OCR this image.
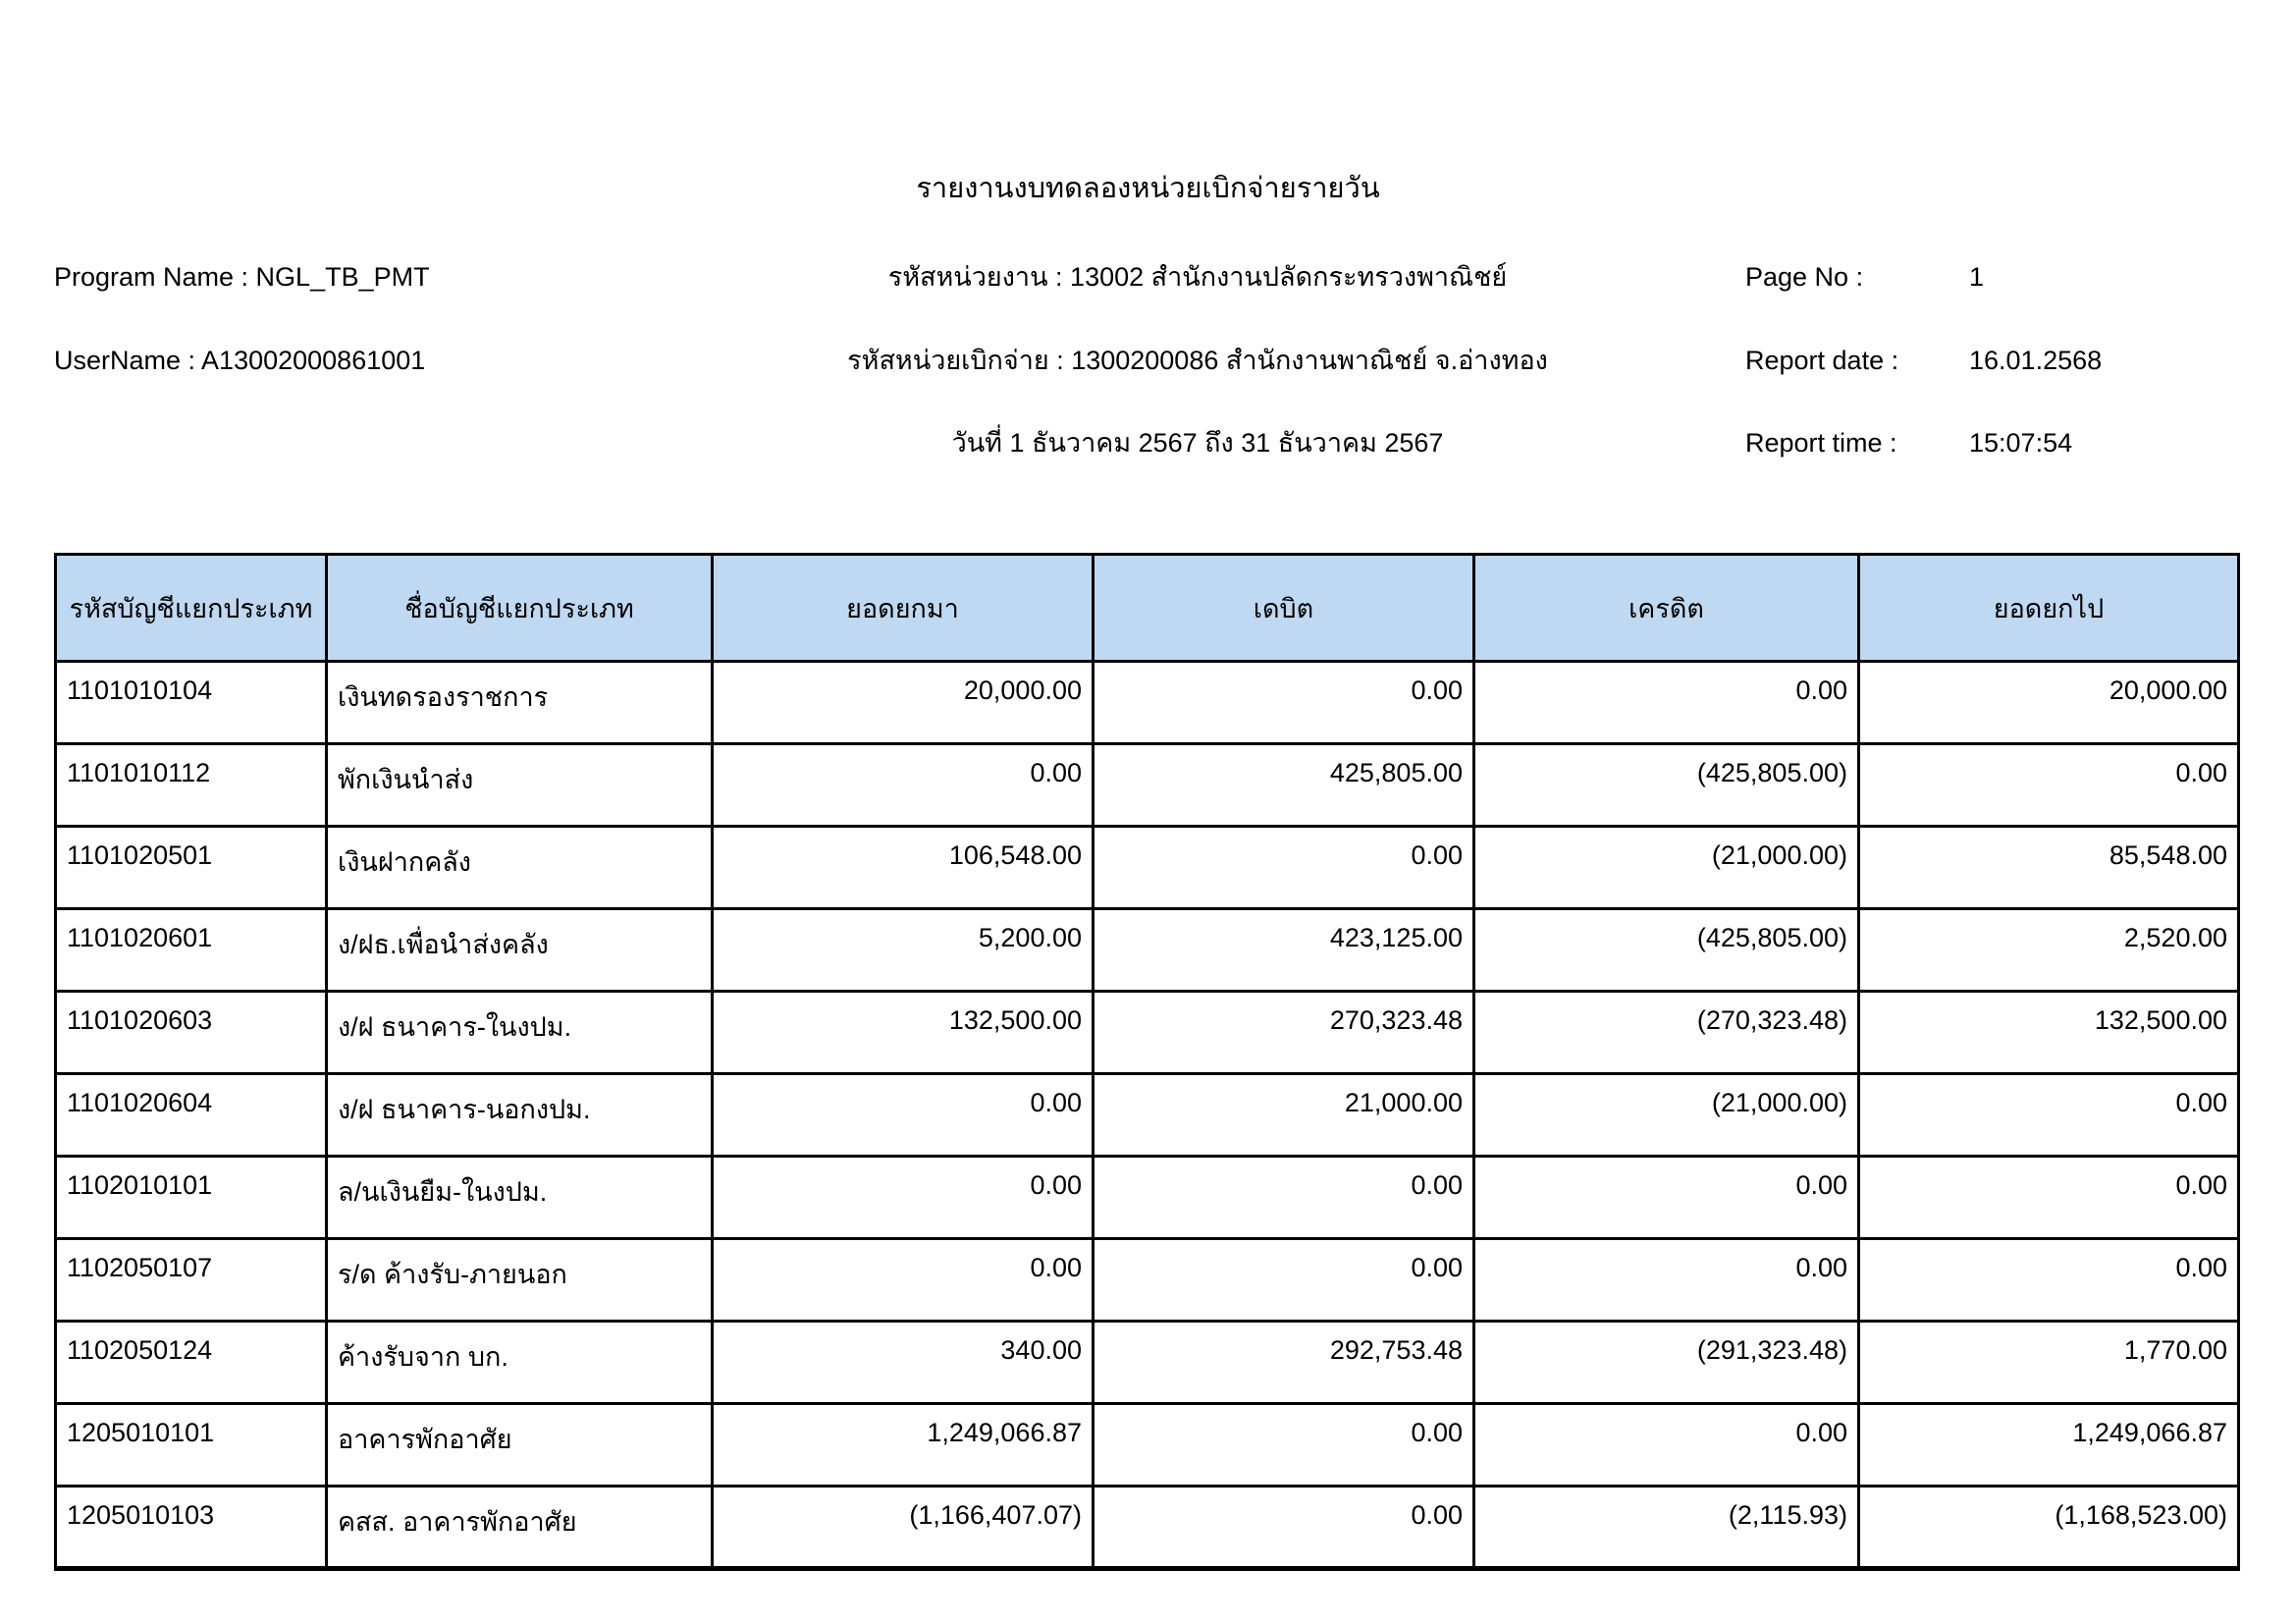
รายงานงบทดลองหน่วยเบิกจ่ายรายวัน
Program Name : NGL_TB_PMT	รหัสหน่วยงาน : 13002 สำนักงานปลัดกระทรวงพาณิชย์	Page No :	1
UserName : A13002000861001	รหัสหน่วยเบิกจ่าย : 1300200086 สำนักงานพาณิชย์ จ.อ่างทอง	Report date :	16.01.2568
วันที่ 1 ธันวาคม 2567 ถึง 31 ธันวาคม 2567	Report time :	15:07:54
รหัสบัญชีแยกประเภท	ชื่อบัญชีแยกประเภท	ยอดยกมา	เดบิต	เครดิต	ยอดยกไป
1101010104	เงินทดรองราชการ	20,000.00	0.00	0.00	20,000.00
1101010112	พักเงินนำส่ง	0.00	425,805.00	(425,805.00)	0.00
1101020501	เงินฝากคลัง	106,548.00	0.00	(21,000.00)	85,548.00
1101020601	ง/ฝธ.เพื่อนำส่งคลัง	5,200.00	423,125.00	(425,805.00)	2,520.00
1101020603	ง/ฝ ธนาคาร-ในงปม.	132,500.00	270,323.48	(270,323.48)	132,500.00
1101020604	ง/ฝ ธนาคาร-นอกงปม.	0.00	21,000.00	(21,000.00)	0.00
1102010101	ล/นเงินยืม-ในงปม.	0.00	0.00	0.00	0.00
1102050107	ร/ด ค้างรับ-ภายนอก	0.00	0.00	0.00	0.00
1102050124	ค้างรับจาก บก.	340.00	292,753.48	(291,323.48)	1,770.00
1205010101	อาคารพักอาศัย	1,249,066.87	0.00	0.00	1,249,066.87
1205010103	คสส. อาคารพักอาศัย	(1,166,407.07)	0.00	(2,115.93)	(1,168,523.00)
